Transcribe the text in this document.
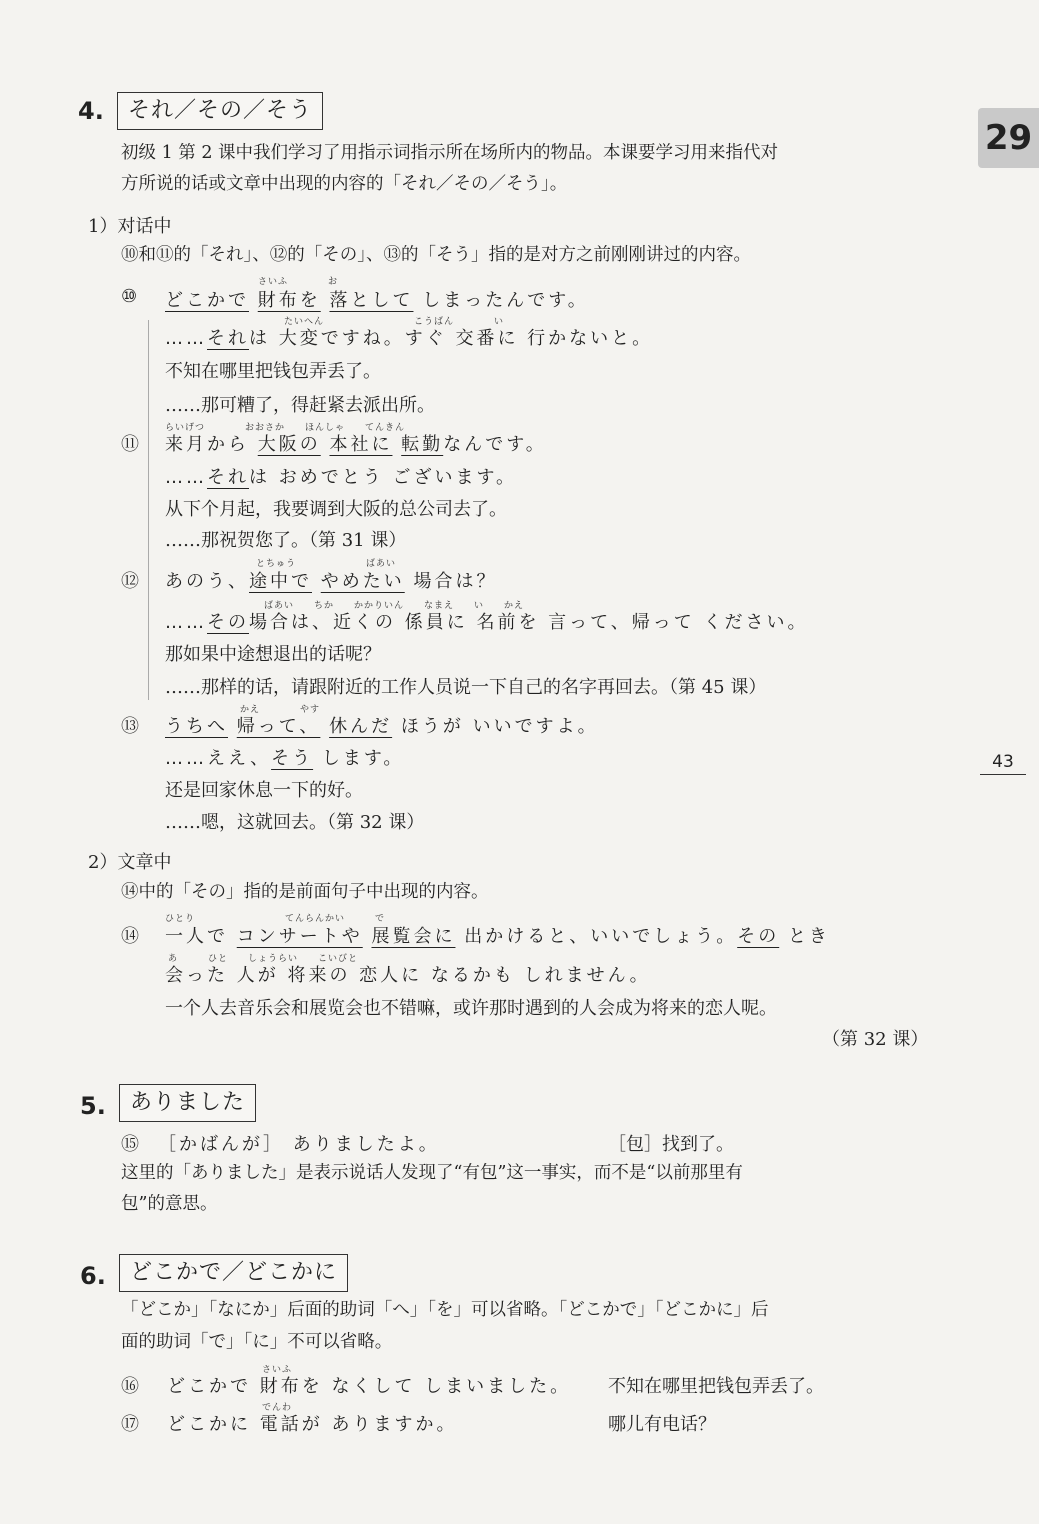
29
43
4.	それ／その／そう
初级 1 第 2 课中我们学习了用指示词指示所在场所内的物品。本课要学习用来指代对
方所说的话或文章中出现的内容的「それ／その／そう」。
1）对话中
⑩和⑪的「それ」、⑫的「その」、⑬的「そう」指的是对方之前刚刚讲过的内容。
⑩
さいふ　　　　お
どこかで 財布を 落として しまったんです。
たいへん　　　　　　　　　こうばん　　　　い
……それは 大変ですね。すぐ 交番に 行かないと。
不知在哪里把钱包弄丢了。
……那可糟了，得赶紧去派出所。
らいげつ　　　　おおさか　　ほんしゃ　　てんきん
⑪ 来月から 大阪の 本社に 転勤なんです。
……それは おめでとう ございます。
从下个月起，我要调到大阪的总公司去了。
……那祝贺您了。（第 31 课）
とちゅう　　　　　　　ばあい
⑫ あのう、途中で やめたい 場合は？
ばあい　　ちか　　かかりいん　　なまえ　　い　　かえ
……その場合は、近くの 係員に 名前を 言って、帰って ください。
那如果中途想退出的话呢？
……那样的话，请跟附近的工作人员说一下自己的名字再回去。（第 45 课）
かえ　　　　やす
⑬ うちへ 帰って、 休んだ ほうが いいですよ。
……ええ、そう します。
还是回家休息一下的好。
……嗯，这就回去。（第 32 课）
2）文章中
⑭中的「その」指的是前面句子中出现的内容。
ひとり　　　　　　　　　てんらんかい　　　で
⑭ 一人で コンサートや 展覧会に 出かけると、いいでしょう。その とき
あ　　　ひと　　しょうらい　　こいびと
会った 人が 将来の 恋人に なるかも しれません。
一个人去音乐会和展览会也不错嘛，或许那时遇到的人会成为将来的恋人呢。
（第 32 课）
5.	ありました
⑮ ［かばんが］ ありましたよ。	［包］找到了。
这里的「ありました」是表示说话人发现了“有包”这一事实，而不是“以前那里有
包”的意思。
6.	どこかで／どこかに
「どこか」「なにか」后面的助词「へ」「を」可以省略。「どこかで」「どこかに」后
面的助词「で」「に」不可以省略。
さいふ
⑯ どこかで 財布を なくして しまいました。 不知在哪里把钱包弄丢了。
でんわ
⑰ どこかに 電話が ありますか。	哪儿有电话？
